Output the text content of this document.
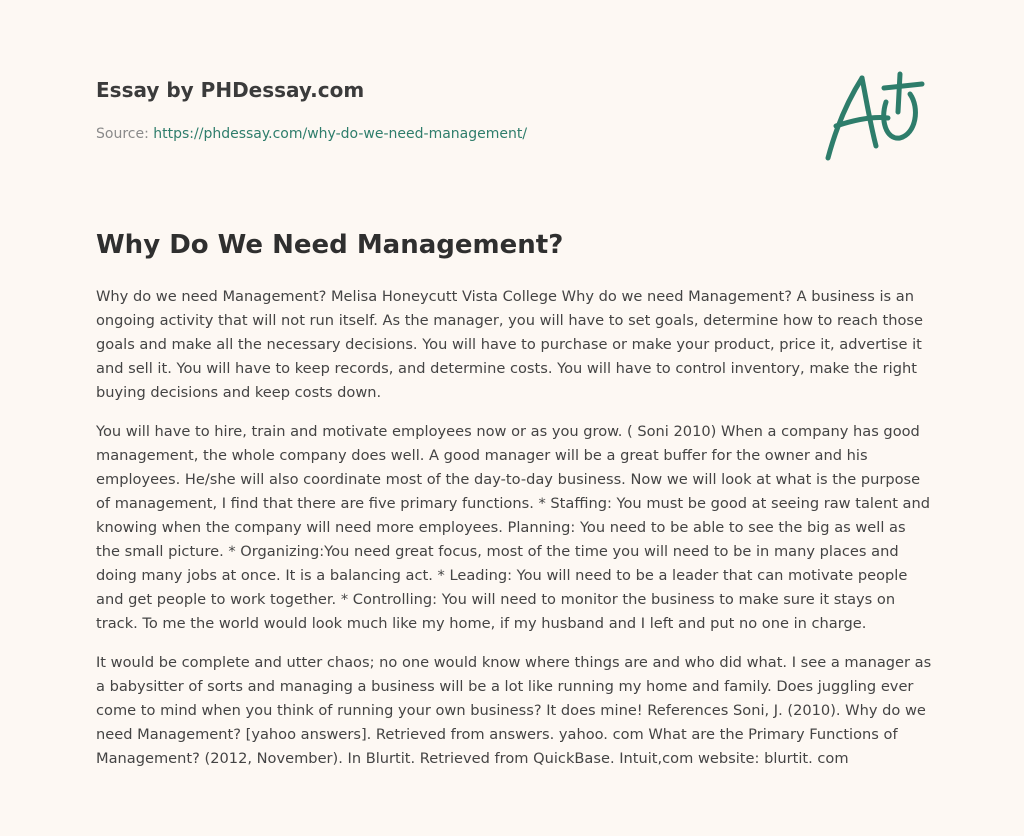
Essay by PHDessay.com
Source: https://phdessay.com/why-do-we-need-management/
Why Do We Need Management?

Why do we need Management? Melisa Honeycutt Vista College Why do we need Management? A business is an ongoing activity that will not run itself. As the manager, you will have to set goals, determine how to reach those goals and make all the necessary decisions. You will have to purchase or make your product, price it, advertise it and sell it. You will have to keep records, and determine costs. You will have to control inventory, make the right buying decisions and keep costs down.

You will have to hire, train and motivate employees now or as you grow. ( Soni 2010) When a company has good management, the whole company does well. A good manager will be a great buffer for the owner and his employees. He/she will also coordinate most of the day-to-day business. Now we will look at what is the purpose of management, I find that there are five primary functions. * Staffing: You must be good at seeing raw talent and knowing when the company will need more employees. Planning: You need to be able to see the big as well as the small picture. * Organizing:You need great focus, most of the time you will need to be in many places and doing many jobs at once. It is a balancing act. * Leading: You will need to be a leader that can motivate people and get people to work together. * Controlling: You will need to monitor the business to make sure it stays on track. To me the world would look much like my home, if my husband and I left and put no one in charge.

It would be complete and utter chaos; no one would know where things are and who did what. I see a manager as a babysitter of sorts and managing a business will be a lot like running my home and family. Does juggling ever come to mind when you think of running your own business? It does mine! References Soni, J. (2010). Why do we need Management? [yahoo answers]. Retrieved from answers. yahoo. com What are the Primary Functions of Management? (2012, November). In Blurtit. Retrieved from QuickBase. Intuit,com website: blurtit. com
